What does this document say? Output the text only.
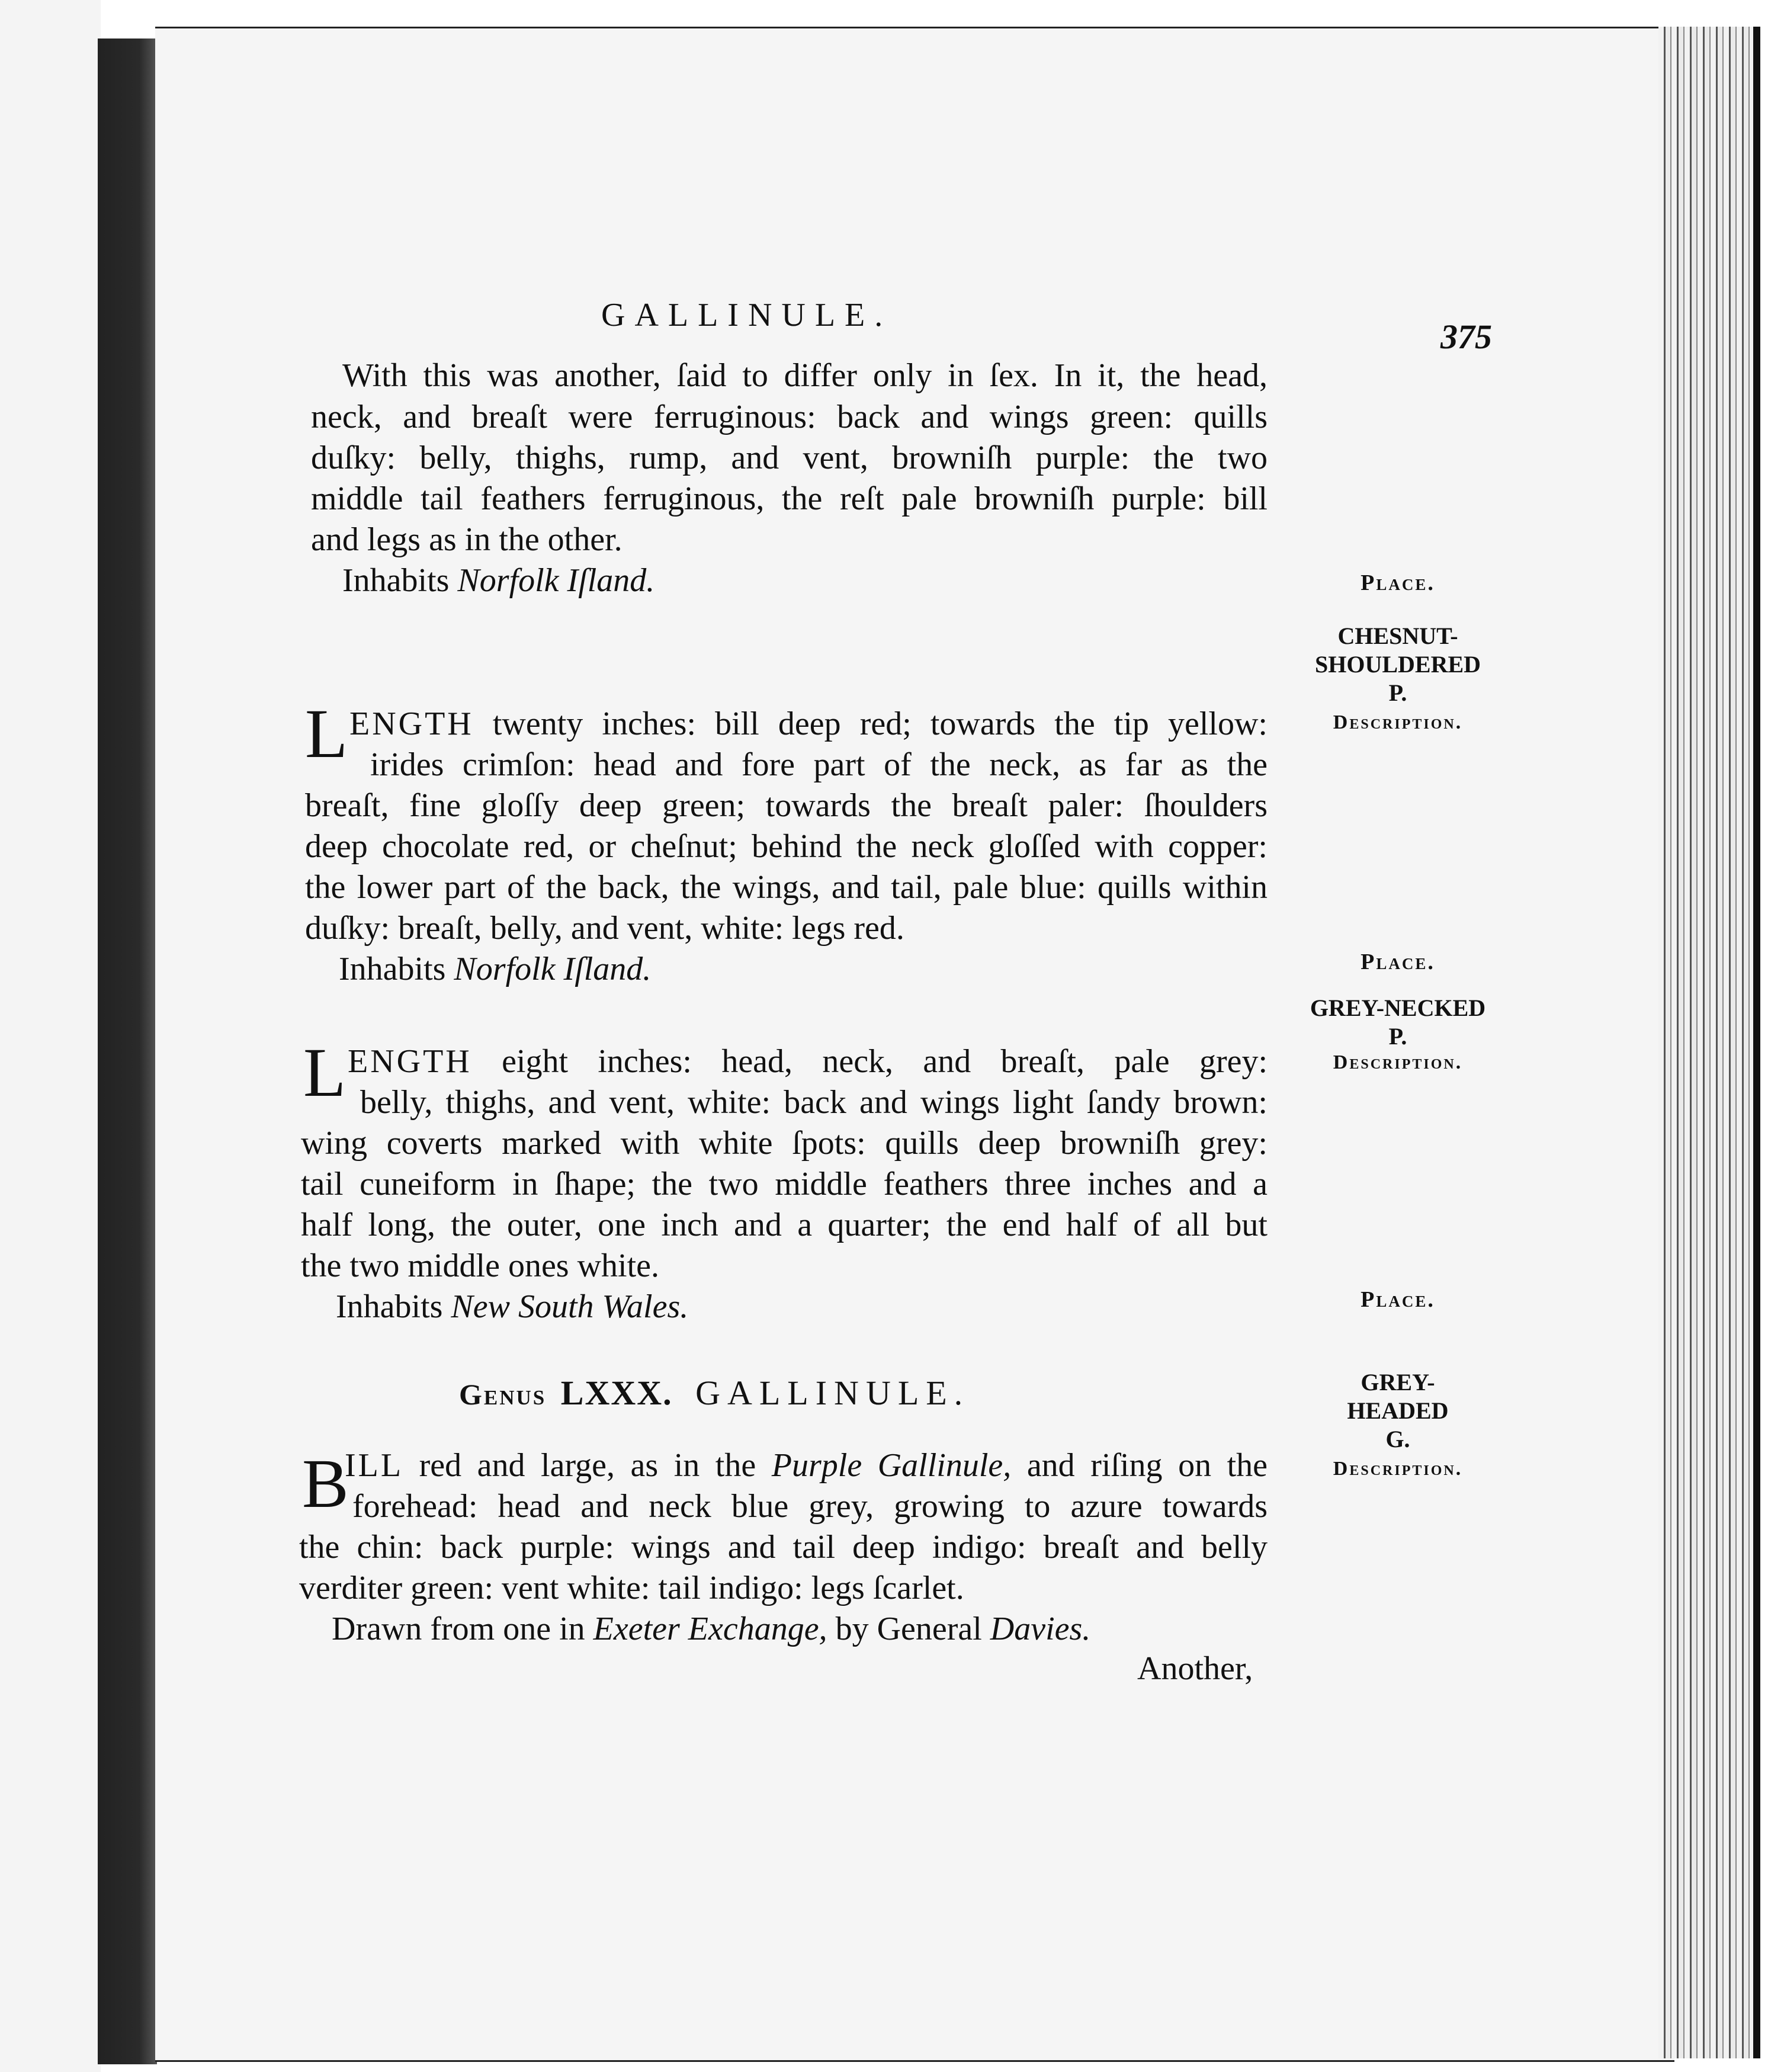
GALLINULE.
375
With this was another, ſaid to differ only in ſex. In it, the head,
neck, and breaſt were ferruginous: back and wings green: quills
duſky: belly, thighs, rump, and vent, browniſh purple: the two
middle tail feathers ferruginous, the reſt pale browniſh purple: bill
and legs as in the other.
Inhabits Norfolk Iſland.
L ENGTH twenty inches: bill deep red; towards the tip yellow:
irides crimſon: head and fore part of the neck, as far as the
breaſt, fine gloſſy deep green; towards the breaſt paler: ſhoulders
deep chocolate red, or cheſnut; behind the neck gloſſed with copper:
the lower part of the back, the wings, and tail, pale blue: quills within
duſky: breaſt, belly, and vent, white: legs red.
Inhabits Norfolk Iſland.
L ENGTH eight inches: head, neck, and breaſt, pale grey:
belly, thighs, and vent, white: back and wings light ſandy brown:
wing coverts marked with white ſpots: quills deep browniſh grey:
tail cuneiform in ſhape; the two middle feathers three inches and a
half long, the outer, one inch and a quarter; the end half of all but
the two middle ones white.
Inhabits New South Wales.
Genus LXXX. GALLINULE.
B
ILL red and large, as in the Purple Gallinule, and riſing on the
forehead: head and neck blue grey, growing to azure towards
the chin: back purple: wings and tail deep indigo: breaſt and belly
verditer green: vent white: tail indigo: legs ſcarlet.
Drawn from one in Exeter Exchange, by General Davies.
Another,
Place.
CHESNUT-
SHOULDERED
P.
Description.
Place.
GREY-NECKED
P.
Description.
Place.
GREY-
HEADED
G.
Description.
